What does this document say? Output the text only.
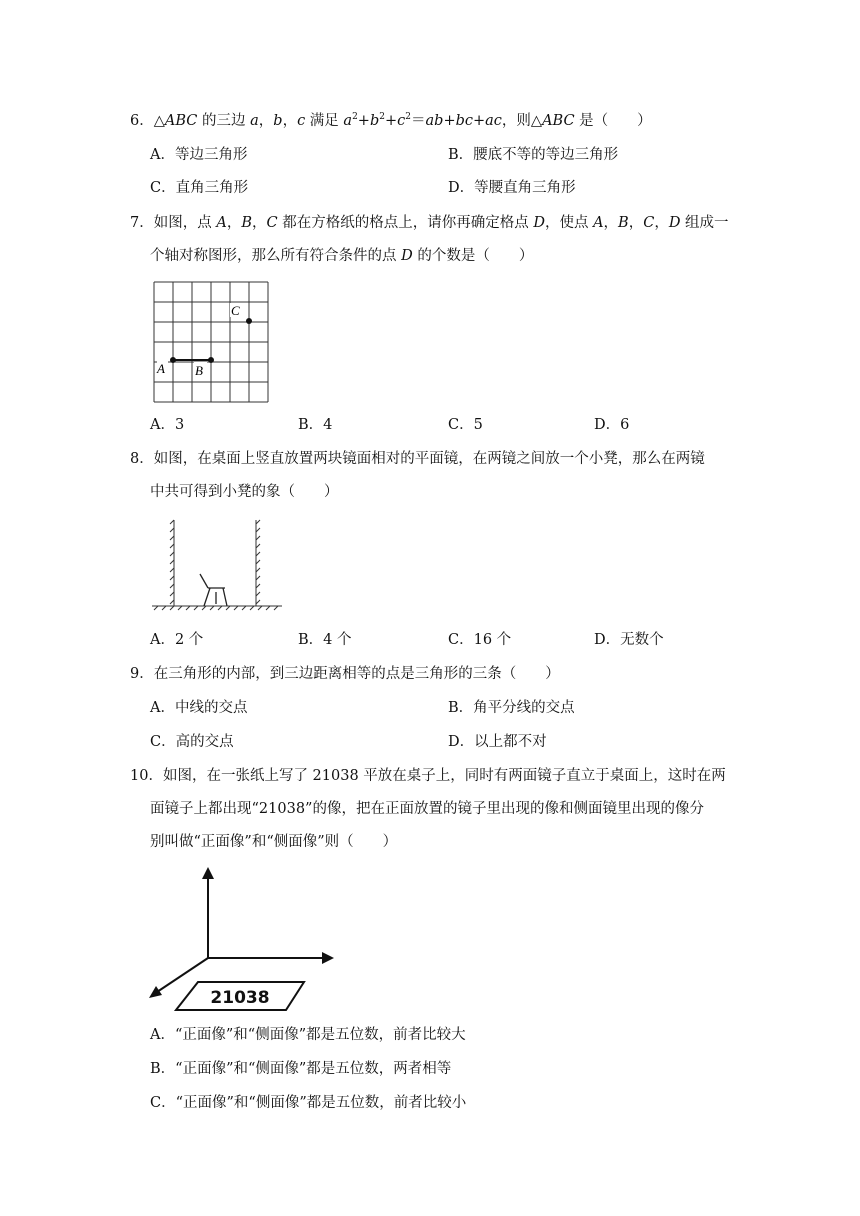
6．△ABC 的三边 a，b，c 满足 $a^2+b^2+c^2=ab+bc+ac$，则△ABC 是（　　）
A．等边三角形	B．腰底不等的等边三角形
C．直角三角形	D．等腰直角三角形
7．如图，点 A，B，C 都在方格纸的格点上，请你再确定格点 D，使点 A，B，C，D 组成一
个轴对称图形，那么所有符合条件的点 D 的个数是（　　）
A B
C
A．3	B．4	C．5	D．6
8．如图，在桌面上竖直放置两块镜面相对的平面镜，在两镜之间放一个小凳，那么在两镜
中共可得到小凳的象（　　）
A．2 个	B．4 个	C．16 个	D．无数个
9．在三角形的内部，到三边距离相等的点是三角形的三条（　　）
A．中线的交点	B．角平分线的交点
C．高的交点	D．以上都不对
10．如图，在一张纸上写了 21038 平放在桌子上，同时有两面镜子直立于桌面上，这时在两
面镜子上都出现“21038”的像，把在正面放置的镜子里出现的像和侧面镜里出现的像分
别叫做“正面像”和“侧面像”则（　　）
21038
A．“正面像”和“侧面像”都是五位数，前者比较大
B．“正面像”和“侧面像”都是五位数，两者相等
C．“正面像”和“侧面像”都是五位数，前者比较小
